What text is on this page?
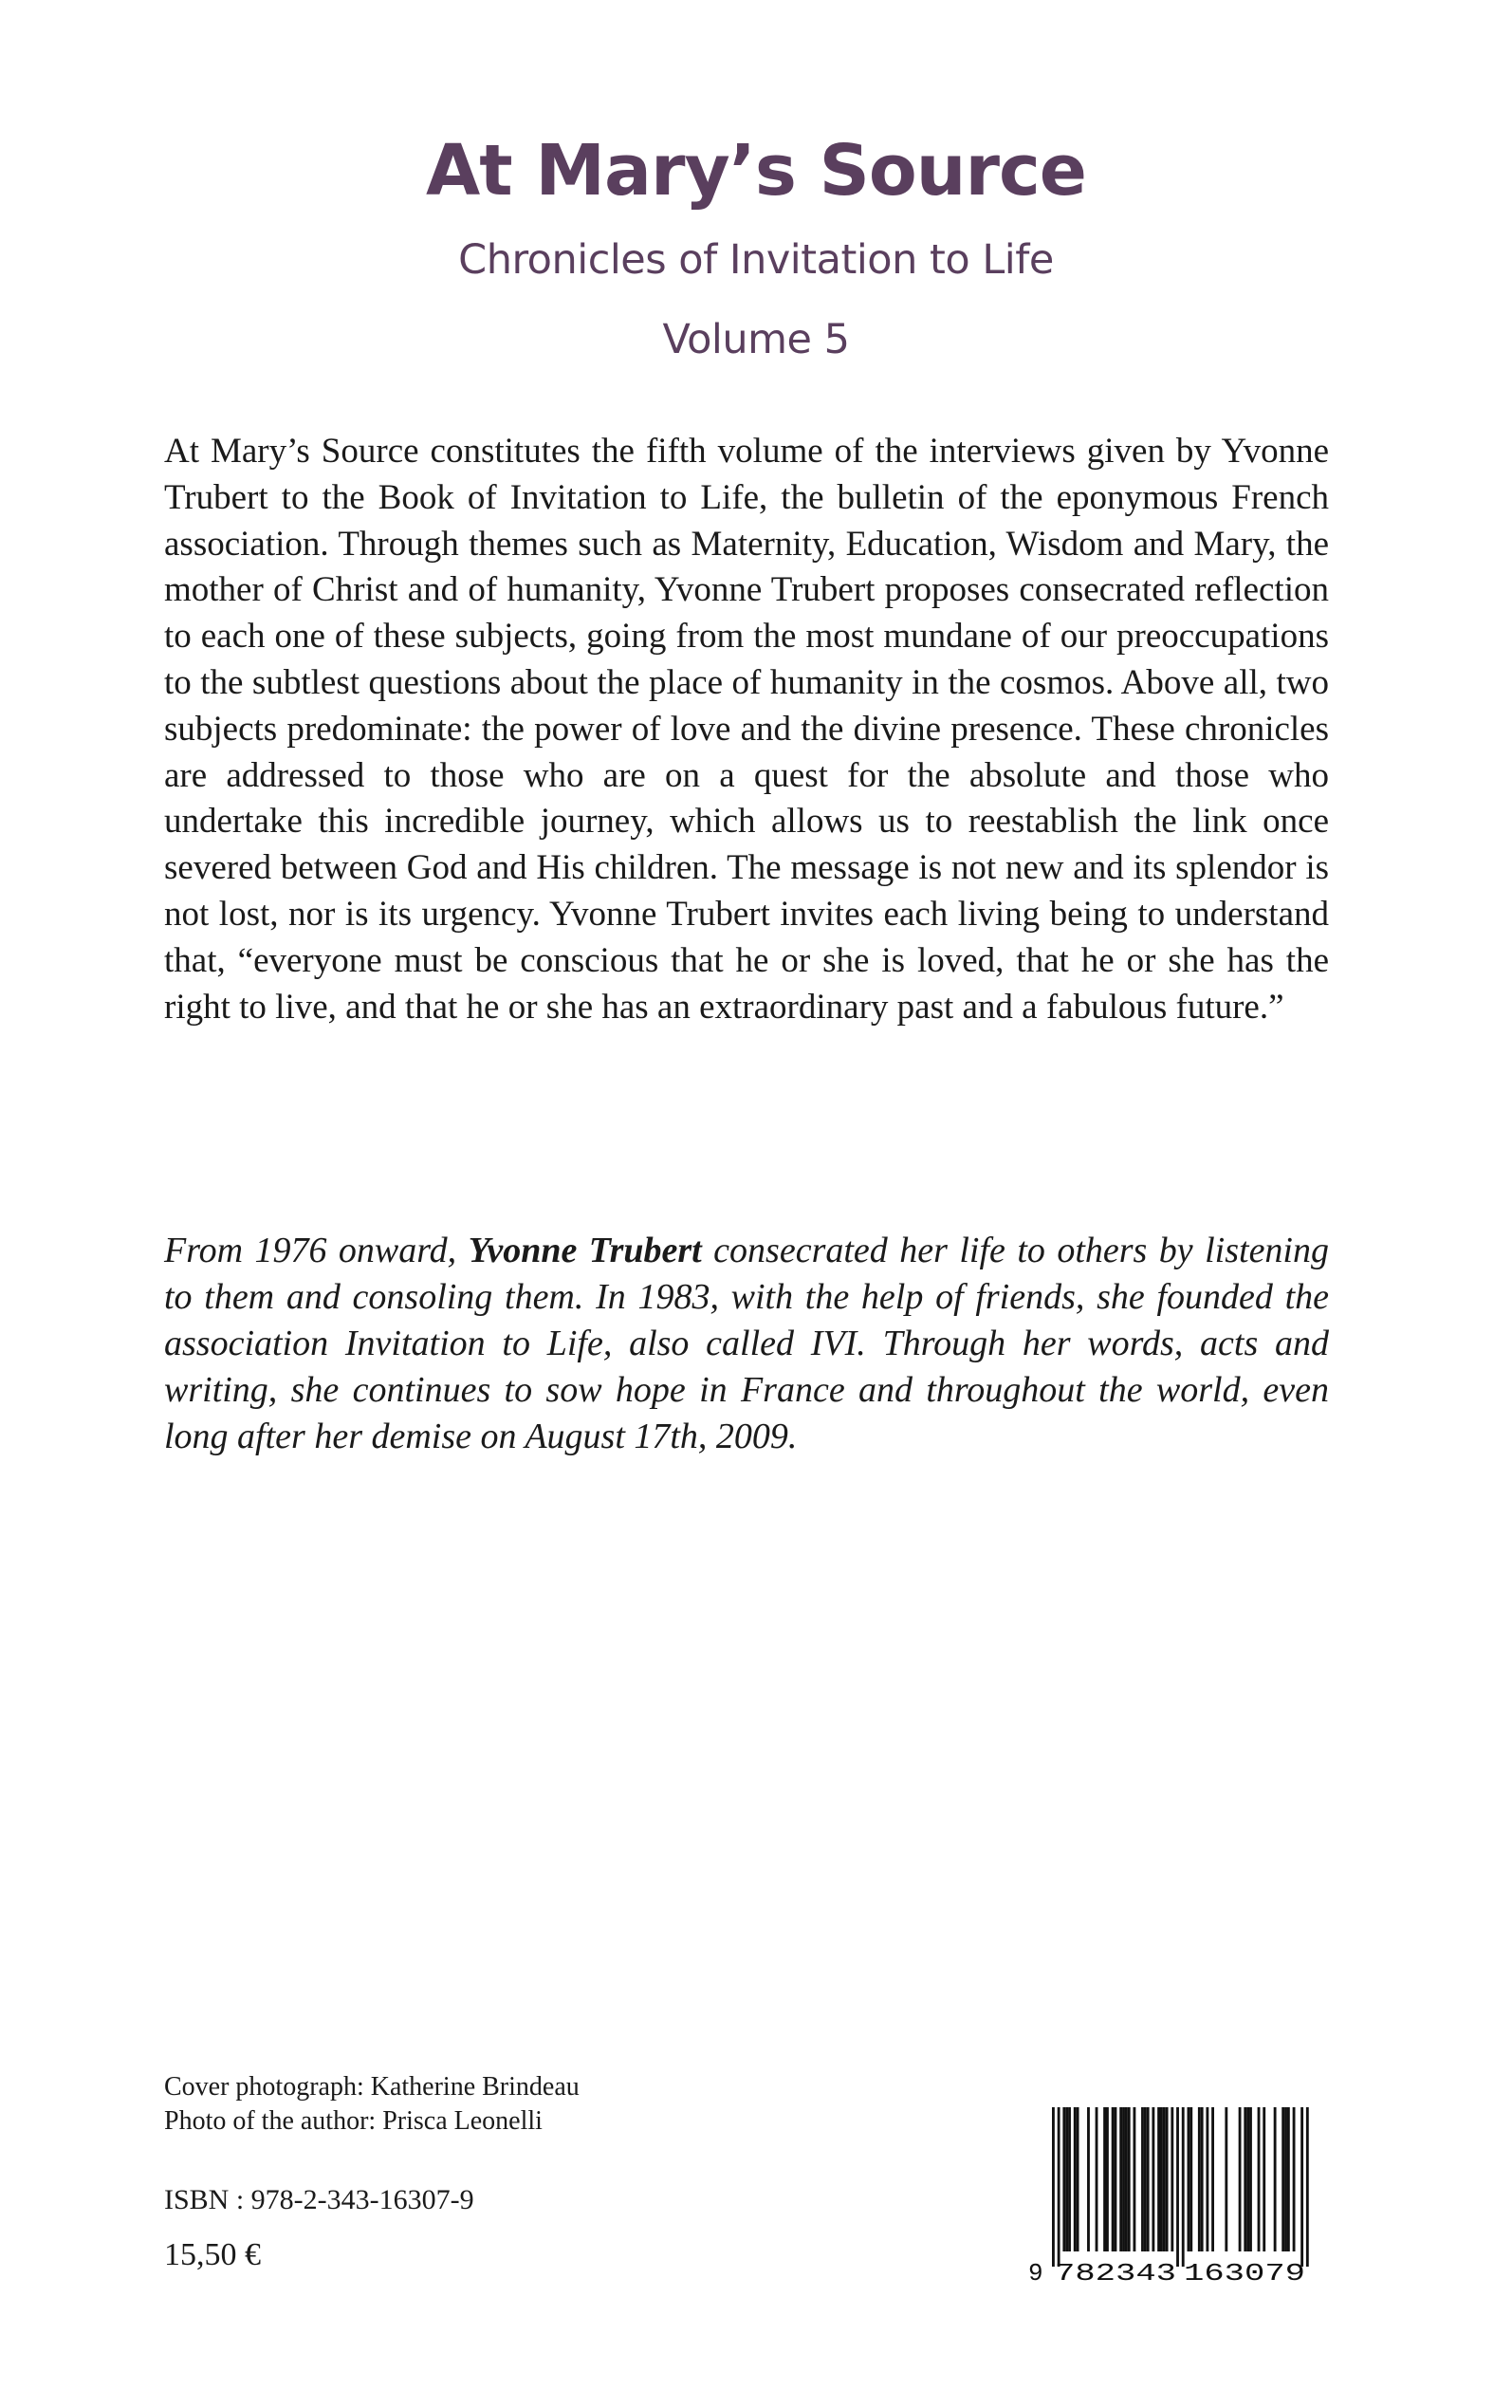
At Mary’s Source

Chronicles of Invitation to Life

Volume 5

At Mary’s Source constitutes the fifth volume of the interviews given by Yvonne Trubert to the Book of Invitation to Life, the bulletin of the eponymous French association. Through themes such as Maternity, Education, Wisdom and Mary, the mother of Christ and of humanity, Yvonne Trubert proposes consecrated reflection to each one of these subjects, going from the most mundane of our preoccupations to the subtlest questions about the place of humanity in the cosmos. Above all, two subjects predominate: the power of love and the divine presence. These chronicles are addressed to those who are on a quest for the absolute and those who undertake this incredible journey, which allows us to reestablish the link once severed between God and His children. The message is not new and its splendor is not lost, nor is its urgency. Yvonne Trubert invites each living being to understand that, “everyone must be conscious that he or she is loved, that he or she has the right to live, and that he or she has an extraordinary past and a fabulous future.”

From 1976 onward, Yvonne Trubert consecrated her life to others by listening to them and consoling them. In 1983, with the help of friends, she founded the association Invitation to Life, also called IVI. Through her words, acts and writing, she continues to sow hope in France and throughout the world, even long after her demise on August 17th, 2009.

Cover photograph: Katherine Brindeau
Photo of the author: Prisca Leonelli
ISBN : 978-2-343-16307-9
15,50 €
9 782343 163079
